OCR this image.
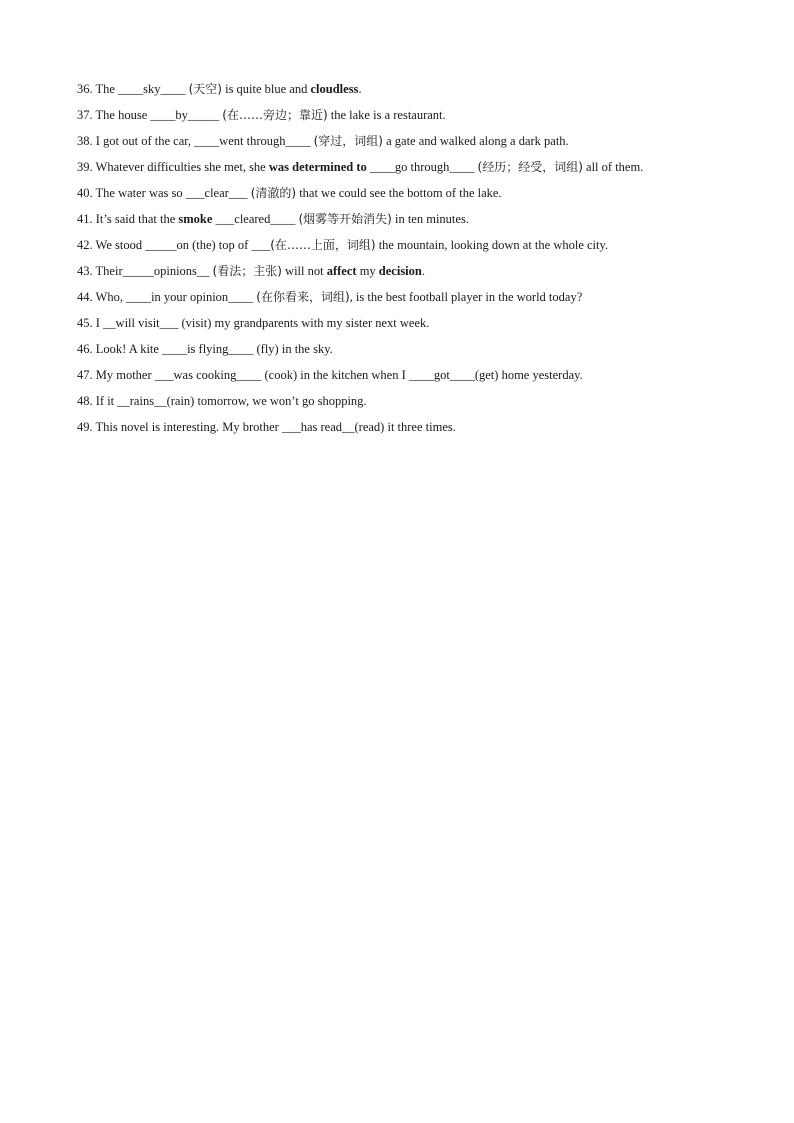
36. The ____sky____ (天空) is quite blue and cloudless.
37. The house ____by_____ (在……旁边；靠近) the lake is a restaurant.
38. I got out of the car, ____went through____ (穿过，词组) a gate and walked along a dark path.
39. Whatever difficulties she met, she was determined to ____go through____ (经历；经受，词组) all of them.
40. The water was so ___clear___ (清澈的) that we could see the bottom of the lake.
41. It’s said that the smoke ___cleared____ (烟雾等开始消失) in ten minutes.
42. We stood _____on (the) top of ___(在……上面，词组) the mountain, looking down at the whole city.
43. Their_____opinions__ (看法；主张) will not affect my decision.
44. Who, ____in your opinion____ (在你看来，词组), is the best football player in the world today?
45. I __will visit___ (visit) my grandparents with my sister next week.
46. Look! A kite ____is flying____ (fly) in the sky.
47. My mother ___was cooking____ (cook) in the kitchen when I ____got____(get) home yesterday.
48. If it __rains__(rain) tomorrow, we won’t go shopping.
49. This novel is interesting. My brother ___has read__(read) it three times.
